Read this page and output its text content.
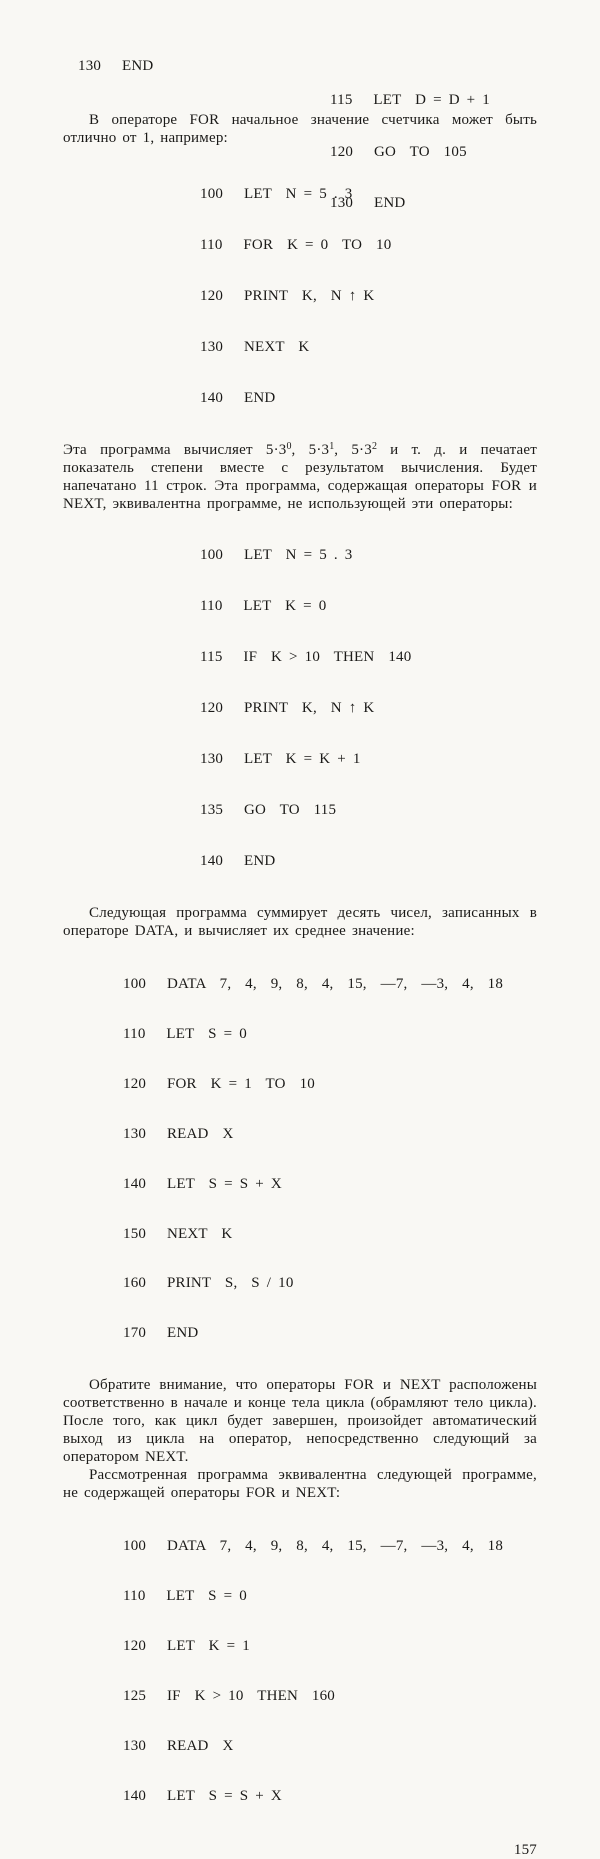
130   END

115   LET  D = D + 1

120   GO  TO  105

130   END

В операторе FOR начальное значение счетчика может быть отлично от 1, например:

100   LET  N = 5 . 3

110   FOR  K = 0  TO  10

120   PRINT  K,  N ↑ K

130   NEXT  K

140   END

Эта программа вычисляет $5\cdot 3^0$, $5\cdot 3^1$, $5\cdot 3^2$ и т. д. и печатает показатель степени вместе с результатом вычисления. Будет напечатано 11 строк. Эта программа, содержащая операторы FOR и NEXT, эквивалентна программе, не использующей эти операторы:

100   LET  N = 5 . 3

110   LET  K = 0

115   IF  K > 10  THEN  140

120   PRINT  K,  N ↑ K

130   LET  K = K + 1

135   GO  TO  115

140   END

Следующая программа суммирует десять чисел, записанных в операторе DATA, и вычисляет их среднее значение:

100   DATA  7,  4,  9,  8,  4,  15,  —7,  —3,  4,  18

110   LET  S = 0

120   FOR  K = 1  TO  10

130   READ  X

140   LET  S = S + X

150   NEXT  K

160   PRINT  S,  S / 10

170   END

Обратите внимание, что операторы FOR и NEXT расположены соответственно в начале и конце тела цикла (обрамляют тело цикла). После того, как цикл будет завершен, произойдет автоматический выход из цикла на оператор, непосредственно следующий за оператором NEXT.

Рассмотренная программа эквивалентна следующей программе, не содержащей операторы FOR и NEXT:

100   DATA  7,  4,  9,  8,  4,  15,  —7,  —3,  4,  18

110   LET  S = 0

120   LET  K = 1

125   IF  K > 10  THEN  160

130   READ  X

140   LET  S = S + X

157
